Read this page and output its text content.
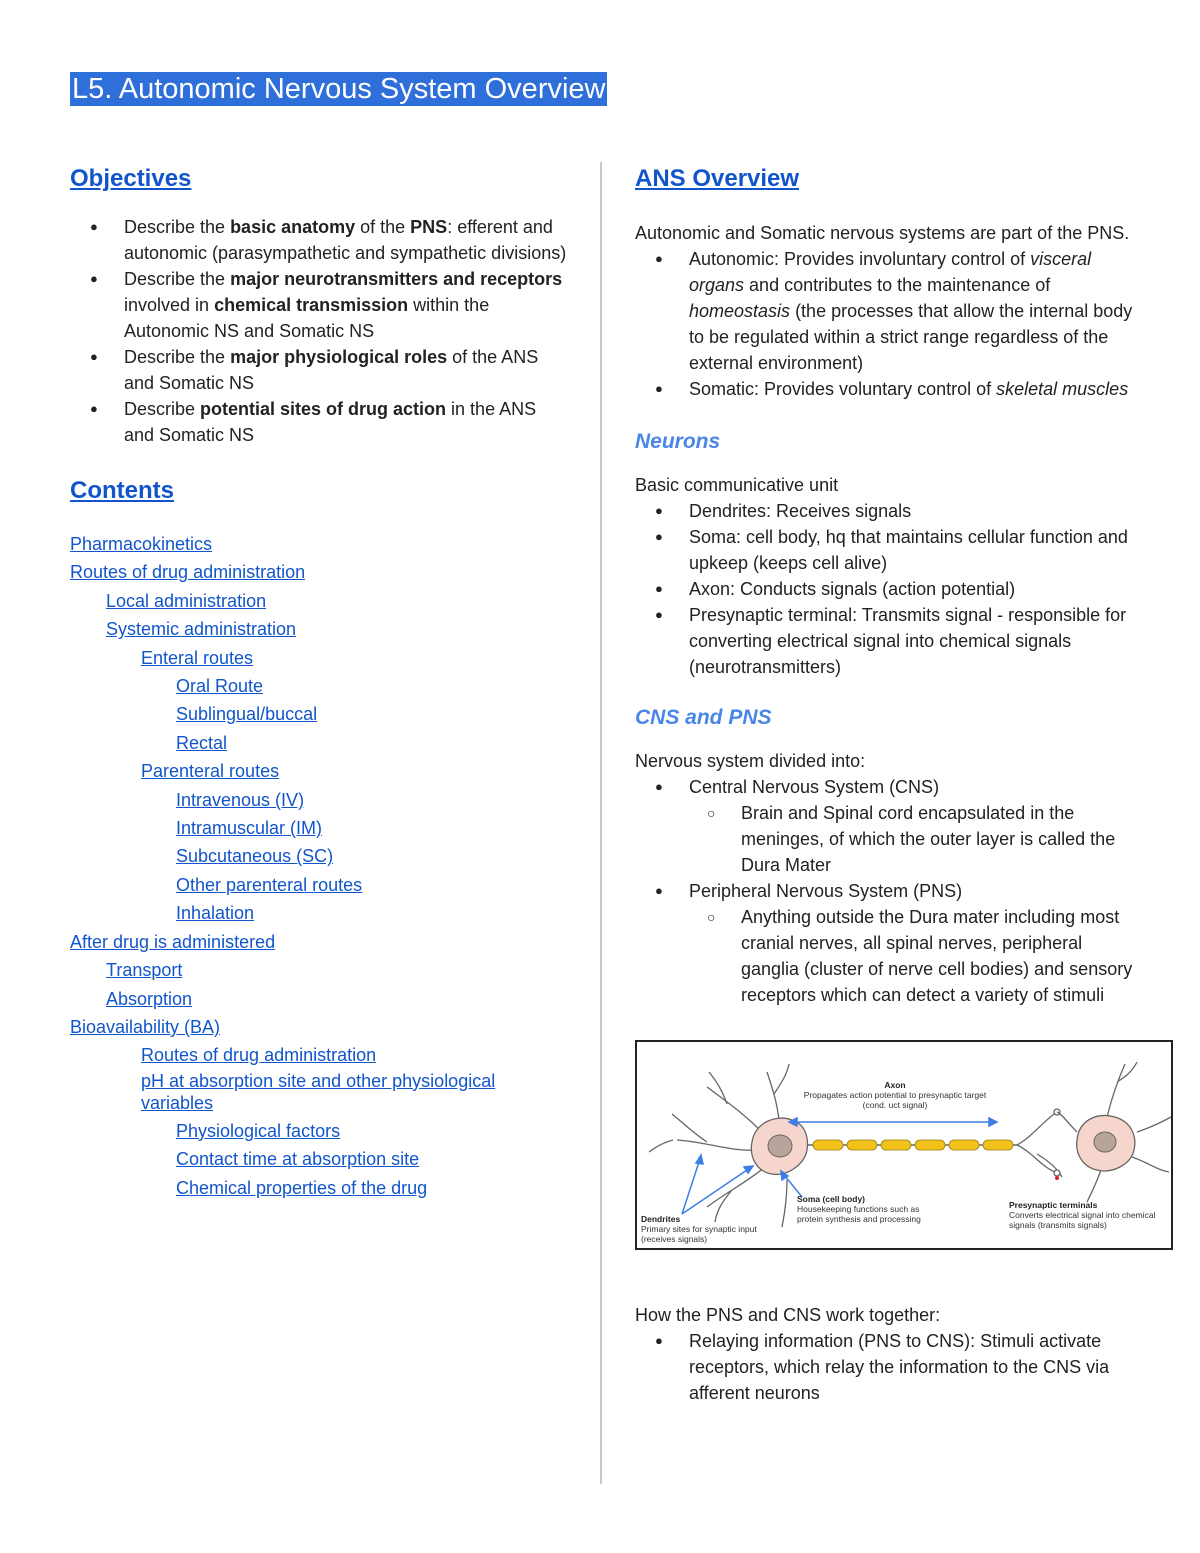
L5. Autonomic Nervous System Overview
Objectives
● Describe the basic anatomy of the PNS: efferent and autonomic (parasympathetic and sympathetic divisions)
● Describe the major neurotransmitters and receptors involved in chemical transmission within the Autonomic NS and Somatic NS
● Describe the major physiological roles of the ANS and Somatic NS
● Describe potential sites of drug action in the ANS and Somatic NS
Contents
Pharmacokinetics
Routes of drug administration
Local administration
Systemic administration
Enteral routes
Oral Route
Sublingual/buccal
Rectal
Parenteral routes
Intravenous (IV)
Intramuscular (IM)
Subcutaneous (SC)
Other parenteral routes
Inhalation
After drug is administered
Transport
Absorption
Bioavailability (BA)
Routes of drug administration
pH at absorption site and other physiological variables
Physiological factors
Contact time at absorption site
Chemical properties of the drug
ANS Overview

Autonomic and Somatic nervous systems are part of the PNS.

● Autonomic: Provides involuntary control of visceral organs and contributes to the maintenance of homeostasis (the processes that allow the internal body to be regulated within a strict range regardless of the external environment)
● Somatic: Provides voluntary control of skeletal muscles
Neurons

Basic communicative unit

● Dendrites: Receives signals
● Soma: cell body, hq that maintains cellular function and upkeep (keeps cell alive)
● Axon: Conducts signals (action potential)
● Presynaptic terminal: Transmits signal - responsible for converting electrical signal into chemical signals (neurotransmitters)
CNS and PNS

Nervous system divided into:

● Central Nervous System (CNS)
○ Brain and Spinal cord encapsulated in the meninges, of which the outer layer is called the Dura Mater
● Peripheral Nervous System (PNS)
○ Anything outside the Dura mater including most cranial nerves, all spinal nerves, peripheral ganglia (cluster of nerve cell bodies) and sensory receptors which can detect a variety of stimuli
Axon
Propagates action potential to presynaptic target (cond. uct signal)
Soma (cell body)
Housekeeping functions such as protein synthesis and processing
Dendrites
Primary sites for synaptic input (receives signals)
Presynaptic terminals
Converts electrical signal into chemical signals (transmits signals)

How the PNS and CNS work together:

● Relaying information (PNS to CNS): Stimuli activate receptors, which relay the information to the CNS via afferent neurons
